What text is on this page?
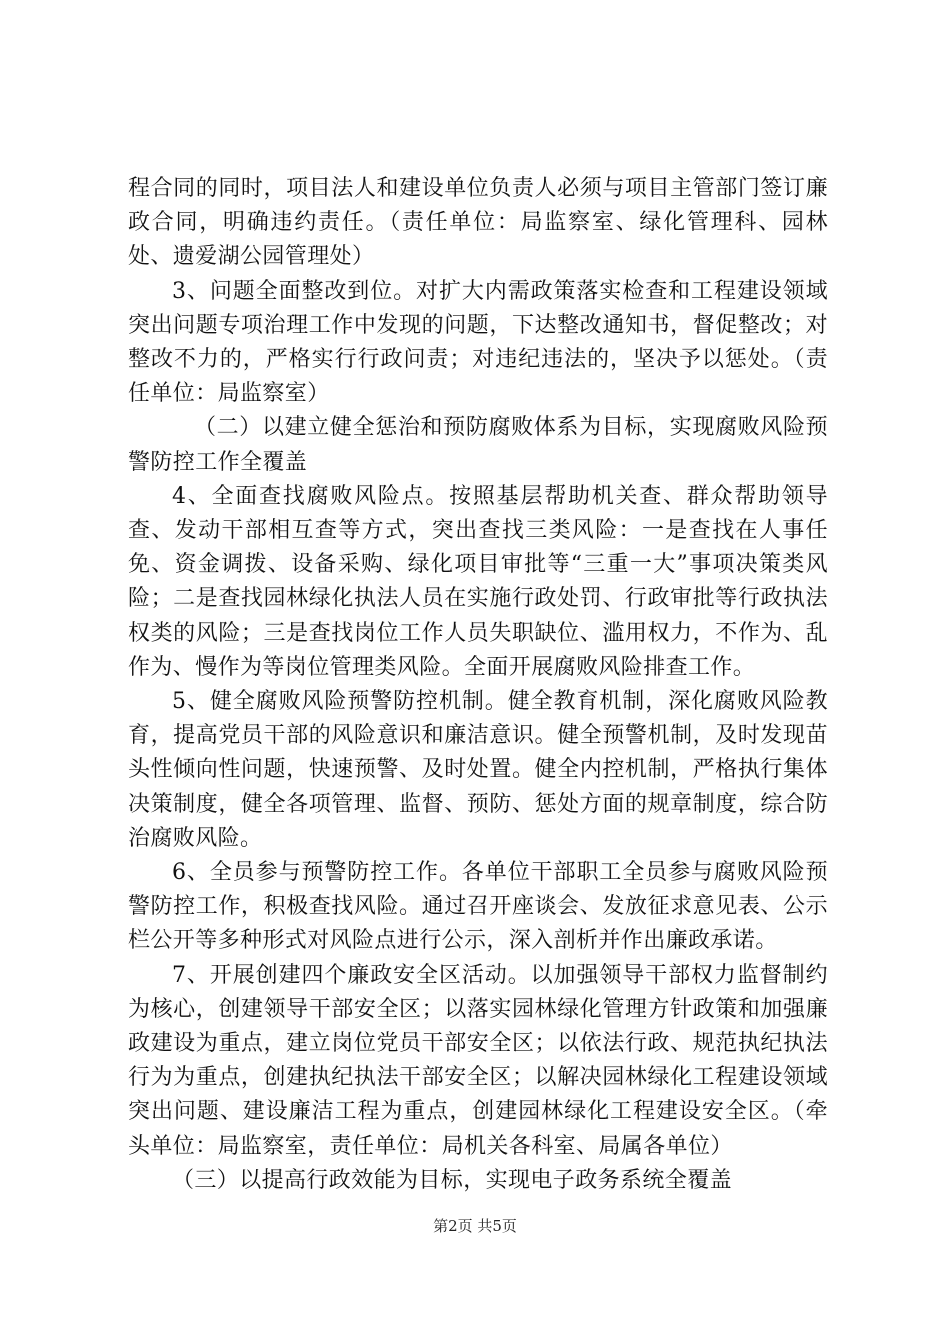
程合同的同时，项目法人和建设单位负责人必须与项目主管部门签订廉政合同，明确违约责任。（责任单位：局监察室、绿化管理科、园林处、遗爱湖公园管理处）

3、问题全面整改到位。对扩大内需政策落实检查和工程建设领域突出问题专项治理工作中发现的问题，下达整改通知书，督促整改；对整改不力的，严格实行行政问责；对违纪违法的，坚决予以惩处。（责任单位：局监察室）

（二）以建立健全惩治和预防腐败体系为目标，实现腐败风险预警防控工作全覆盖

4、全面查找腐败风险点。按照基层帮助机关查、群众帮助领导查、发动干部相互查等方式，突出查找三类风险：一是查找在人事任免、资金调拨、设备采购、绿化项目审批等“三重一大”事项决策类风险；二是查找园林绿化执法人员在实施行政处罚、行政审批等行政执法权类的风险；三是查找岗位工作人员失职缺位、滥用权力，不作为、乱作为、慢作为等岗位管理类风险。全面开展腐败风险排查工作。

5、健全腐败风险预警防控机制。健全教育机制，深化腐败风险教育，提高党员干部的风险意识和廉洁意识。健全预警机制，及时发现苗头性倾向性问题，快速预警、及时处置。健全内控机制，严格执行集体决策制度，健全各项管理、监督、预防、惩处方面的规章制度，综合防治腐败风险。

6、全员参与预警防控工作。各单位干部职工全员参与腐败风险预警防控工作，积极查找风险。通过召开座谈会、发放征求意见表、公示栏公开等多种形式对风险点进行公示，深入剖析并作出廉政承诺。

7、开展创建四个廉政安全区活动。以加强领导干部权力监督制约为核心，创建领导干部安全区；以落实园林绿化管理方针政策和加强廉政建设为重点，建立岗位党员干部安全区；以依法行政、规范执纪执法行为为重点，创建执纪执法干部安全区；以解决园林绿化工程建设领域突出问题、建设廉洁工程为重点，创建园林绿化工程建设安全区。（牵头单位：局监察室，责任单位：局机关各科室、局属各单位）

（三）以提高行政效能为目标，实现电子政务系统全覆盖

第2页 共5页
